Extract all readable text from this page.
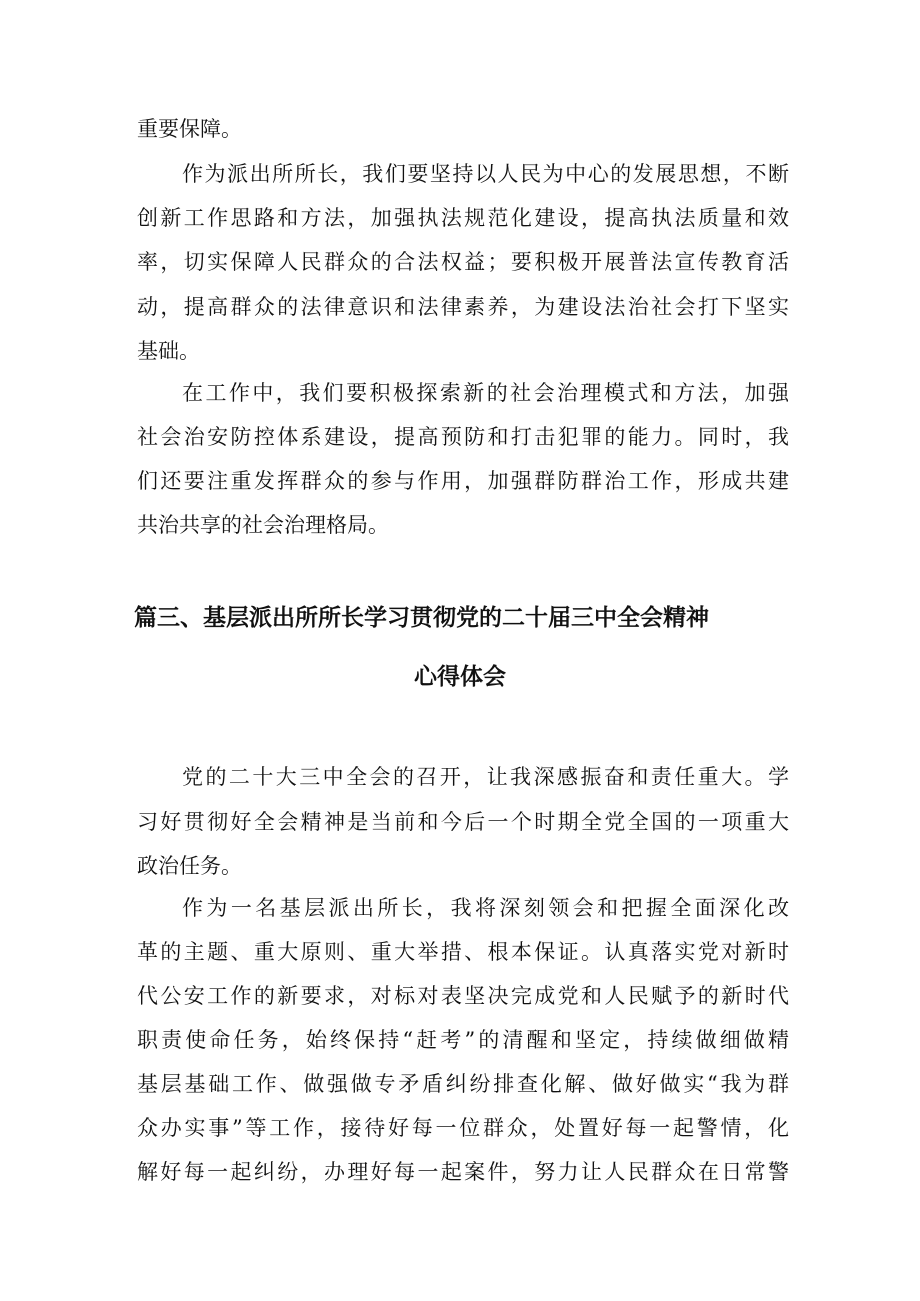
重要保障。

作为派出所所长，我们要坚持以人民为中心的发展思想，不断

创新工作思路和方法，加强执法规范化建设，提高执法质量和效

率，切实保障人民群众的合法权益；要积极开展普法宣传教育活

动，提高群众的法律意识和法律素养，为建设法治社会打下坚实

基础。

在工作中，我们要积极探索新的社会治理模式和方法，加强

社会治安防控体系建设，提高预防和打击犯罪的能力。同时，我

们还要注重发挥群众的参与作用，加强群防群治工作，形成共建

共治共享的社会治理格局。

篇三、基层派出所所长学习贯彻党的二十届三中全会精神
心得体会

党的二十大三中全会的召开，让我深感振奋和责任重大。学

习好贯彻好全会精神是当前和今后一个时期全党全国的一项重大

政治任务。

作为一名基层派出所长，我将深刻领会和把握全面深化改

革的主题、重大原则、重大举措、根本保证。认真落实党对新时

代公安工作的新要求，对标对表坚决完成党和人民赋予的新时代

职责使命任务，始终保持“赶考”的清醒和坚定，持续做细做精

基层基础工作、做强做专矛盾纠纷排查化解、做好做实“我为群

众办实事”等工作，接待好每一位群众，处置好每一起警情，化

解好每一起纠纷，办理好每一起案件，努力让人民群众在日常警
